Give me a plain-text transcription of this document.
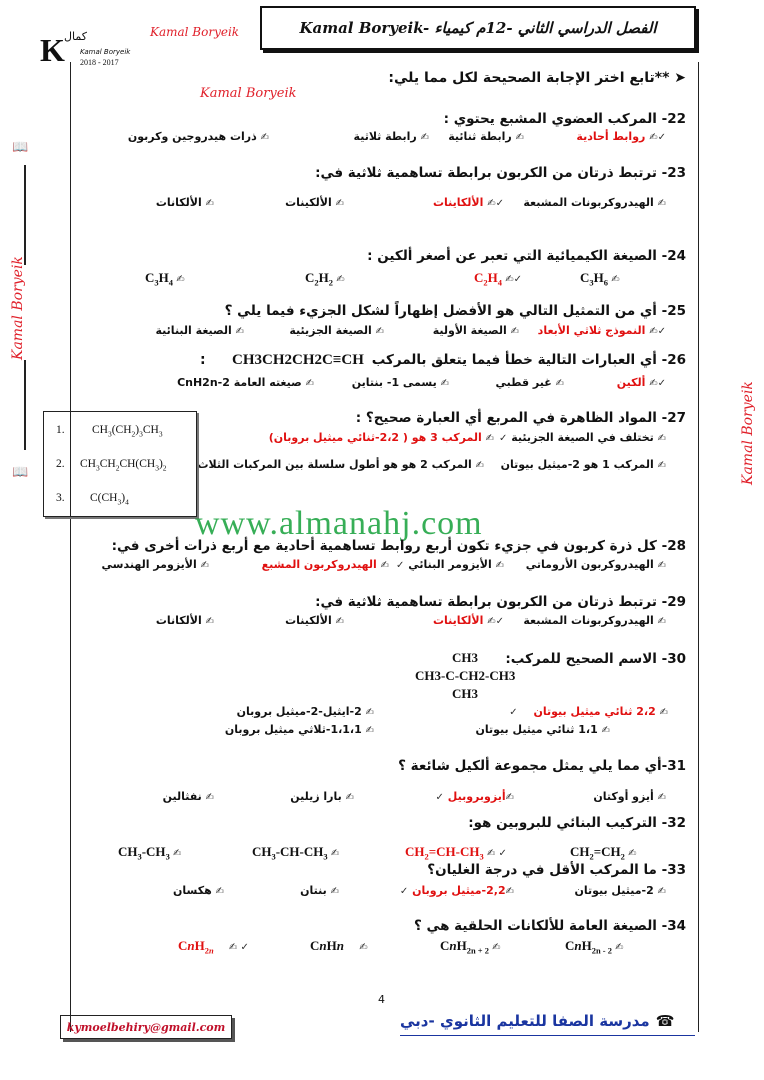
K كمال
Kamal Boryeik
2018 - 2017
Kamal Boryeik	Kamal Boryeik- الفصل الدراسي الثاني -12م كيمياء
📖
Kamal Boryeik
📖	Kamal Boryeik
➤ **تابع اختر الإجابة الصحيحة لكل مما يلي:
Kamal Boryeik
22- المركب العضوي المشبع يحتوي :
✓✍ روابط أحادية
✍ رابطة ثنائية
✍ رابطة ثلاثية
✍ ذرات هيدروجين وكربون
23- ترتبط ذرتان من الكربون برابطة تساهمية ثلاثية في:
✍ الهيدروكربونات المشبعة
✓✍ الألكاينات
✍ الألكينات
✍ الألكانات
24- الصيغة الكيميائية التي تعبر عن أصغر ألكين :
$C_3H_6$ ✍
$C_2H_4$ ✍✓
$C_2H_2$ ✍
$C_3H_4$ ✍
25- أي من التمثيل التالي هو الأفضل إظهاراً لشكل الجزيء فيما يلي ؟
✓✍ النموذج ثلاثي الأبعاد
✍ الصيغة الأولية
✍ الصيغة الجزيئية
✍ الصيغة البنائية
26- أي العبارات التالية خطأ فيما يتعلق بالمركب
CH3CH2CH2C≡CH
:
✓✍ ألكين
✍ غير قطبي
✍ يسمى 1- بنتاين
✍ صيغته العامة CnH2n-2
27- المواد الظاهرة في المربع أي العبارة صحيح؟ :
✍ تختلف في الصيغة الجزيئية ✓
✍ المركب 3 هو ( 2،2-ثنائي ميثيل بروبان)
✍ المركب 1 هو 2-ميثيل بيوتان
✍ المركب 2 هو هو أطول سلسلة بين المركبات الثلاث
1. $CH_3(CH_2)_3CH_3$
2. $CH_3CH_2CH(CH_3)_2$
3. $C(CH_3)_4$
www.almanahj.com
28- كل ذرة كربون في جزيء تكون أربع روابط تساهمية أحادية مع أربع ذرات أخرى في:
✍ الهيدروكربون الأروماتي
✍ الأيزومر البنائي ✓
✍ الهيدروكربون المشبع
✍ الأيزومر الهندسي
29- ترتبط ذرتان من الكربون برابطة تساهمية ثلاثية في:
✍ الهيدروكربونات المشبعة
✓✍ الألكاينات
✍ الألكينات
✍ الألكانات
30- الاسم الصحيح للمركب:
CH3
CH3-C-CH2-CH3
CH3
✍ 2،2 ثنائي ميثيل بيوتان ✓
✍ 2-ايثيل-2-ميثيل بروبان
✍ 1،1 ثنائي ميثيل بيوتان
✍ 1،1،1-ثلاثي ميثيل بروبان
31-أي مما يلي يمثل مجموعة ألكيل شائعة ؟
✍ أيزو أوكتان
✍أيزوبروبيل ✓
✍ بارا زيلين
✍ نفثالين
32- التركيب البنائي للبروبين هو:
$CH_2=CH_2$ ✍
$CH_2=CH-CH_3$ ✍ ✓
$CH_3-CH-CH_3$ ✍
$CH_3-CH_3$ ✍
33- ما المركب الأقل في درجة الغليان؟
✍ 2-ميثيل بيوتان
✍2,2-ميثيل بروبان ✓
✍ بنتان
✍ هكسان
34- الصيغة العامة للألكانات الحلقية هي ؟
CnH$_{2n - 2}$ ✍
CnH$_{2n + 2}$ ✍
CnHn ✍
CnH$_{2n}$ ✍ ✓
4
kymoelbehiry@gmail.com	☎مدرسة الصفا للتعليم الثانوي -دبي
